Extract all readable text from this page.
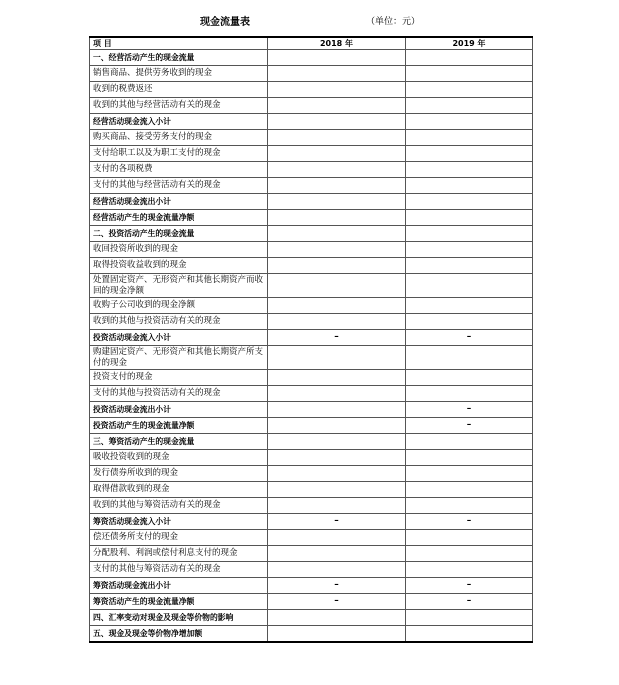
现金流量表	（单位：元）
项 目	2018 年	2019 年
一、经营活动产生的现金流量		
销售商品、提供劳务收到的现金		
收到的税费返还		
收到的其他与经营活动有关的现金		
经营活动现金流入小计		
购买商品、接受劳务支付的现金		
支付给职工以及为职工支付的现金		
支付的各项税费		
支付的其他与经营活动有关的现金		
经营活动现金流出小计		
经营活动产生的现金流量净额		
二、投资活动产生的现金流量		
收回投资所收到的现金		
取得投资收益收到的现金		
处置固定资产、无形资产和其他长期资产而收回的现金净额		
收购子公司收到的现金净额		
收到的其他与投资活动有关的现金		
投资活动现金流入小计	–	–
购建固定资产、无形资产和其他长期资产所支付的现金		
投资支付的现金		
支付的其他与投资活动有关的现金		
投资活动现金流出小计		–
投资活动产生的现金流量净额		–
三、筹资活动产生的现金流量		
吸收投资收到的现金		
发行债券所收到的现金		
取得借款收到的现金		
收到的其他与筹资活动有关的现金		
筹资活动现金流入小计	–	–
偿还债务所支付的现金		
分配股利、利润或偿付利息支付的现金		
支付的其他与筹资活动有关的现金		
筹资活动现金流出小计	–	–
筹资活动产生的现金流量净额	–	–
四、汇率变动对现金及现金等价物的影响		
五、现金及现金等价物净增加额		
